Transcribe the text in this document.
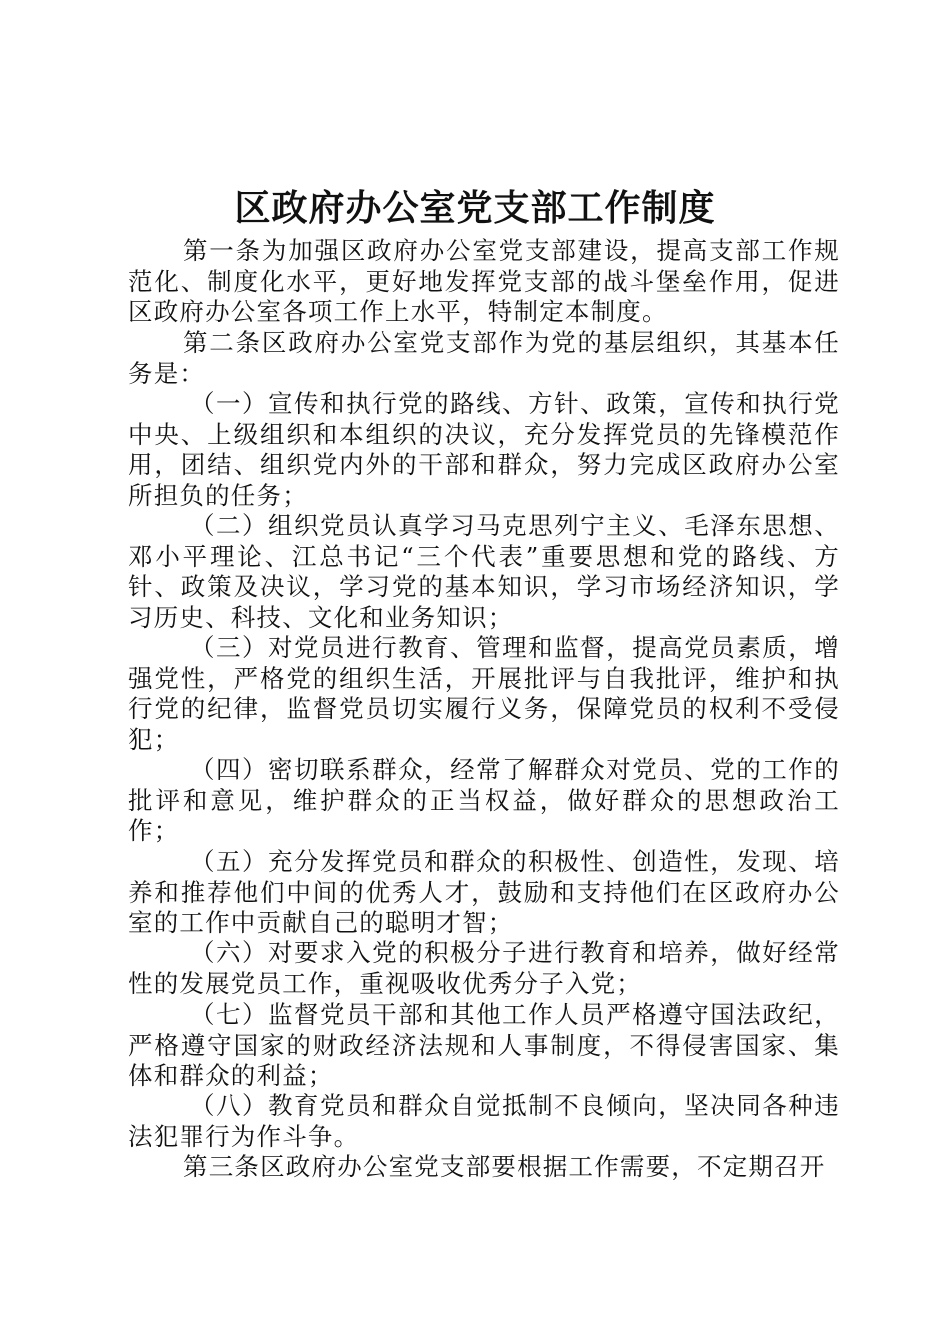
区政府办公室党支部工作制度

第一条为加强区政府办公室党支部建设，提高支部工作规范化、制度化水平，更好地发挥党支部的战斗堡垒作用，促进区政府办公室各项工作上水平，特制定本制度。

第二条区政府办公室党支部作为党的基层组织，其基本任务是：

（一）宣传和执行党的路线、方针、政策，宣传和执行党中央、上级组织和本组织的决议，充分发挥党员的先锋模范作用，团结、组织党内外的干部和群众，努力完成区政府办公室所担负的任务；

（二）组织党员认真学习马克思列宁主义、毛泽东思想、邓小平理论、江总书记“三个代表”重要思想和党的路线、方针、政策及决议，学习党的基本知识，学习市场经济知识，学习历史、科技、文化和业务知识；

（三）对党员进行教育、管理和监督，提高党员素质，增强党性，严格党的组织生活，开展批评与自我批评，维护和执行党的纪律，监督党员切实履行义务，保障党员的权利不受侵犯；

（四）密切联系群众，经常了解群众对党员、党的工作的批评和意见，维护群众的正当权益，做好群众的思想政治工作；

（五）充分发挥党员和群众的积极性、创造性，发现、培养和推荐他们中间的优秀人才，鼓励和支持他们在区政府办公室的工作中贡献自己的聪明才智；

（六）对要求入党的积极分子进行教育和培养，做好经常性的发展党员工作，重视吸收优秀分子入党；

（七）监督党员干部和其他工作人员严格遵守国法政纪，严格遵守国家的财政经济法规和人事制度，不得侵害国家、集体和群众的利益；

（八）教育党员和群众自觉抵制不良倾向，坚决同各种违法犯罪行为作斗争。

第三条区政府办公室党支部要根据工作需要，不定期召开
